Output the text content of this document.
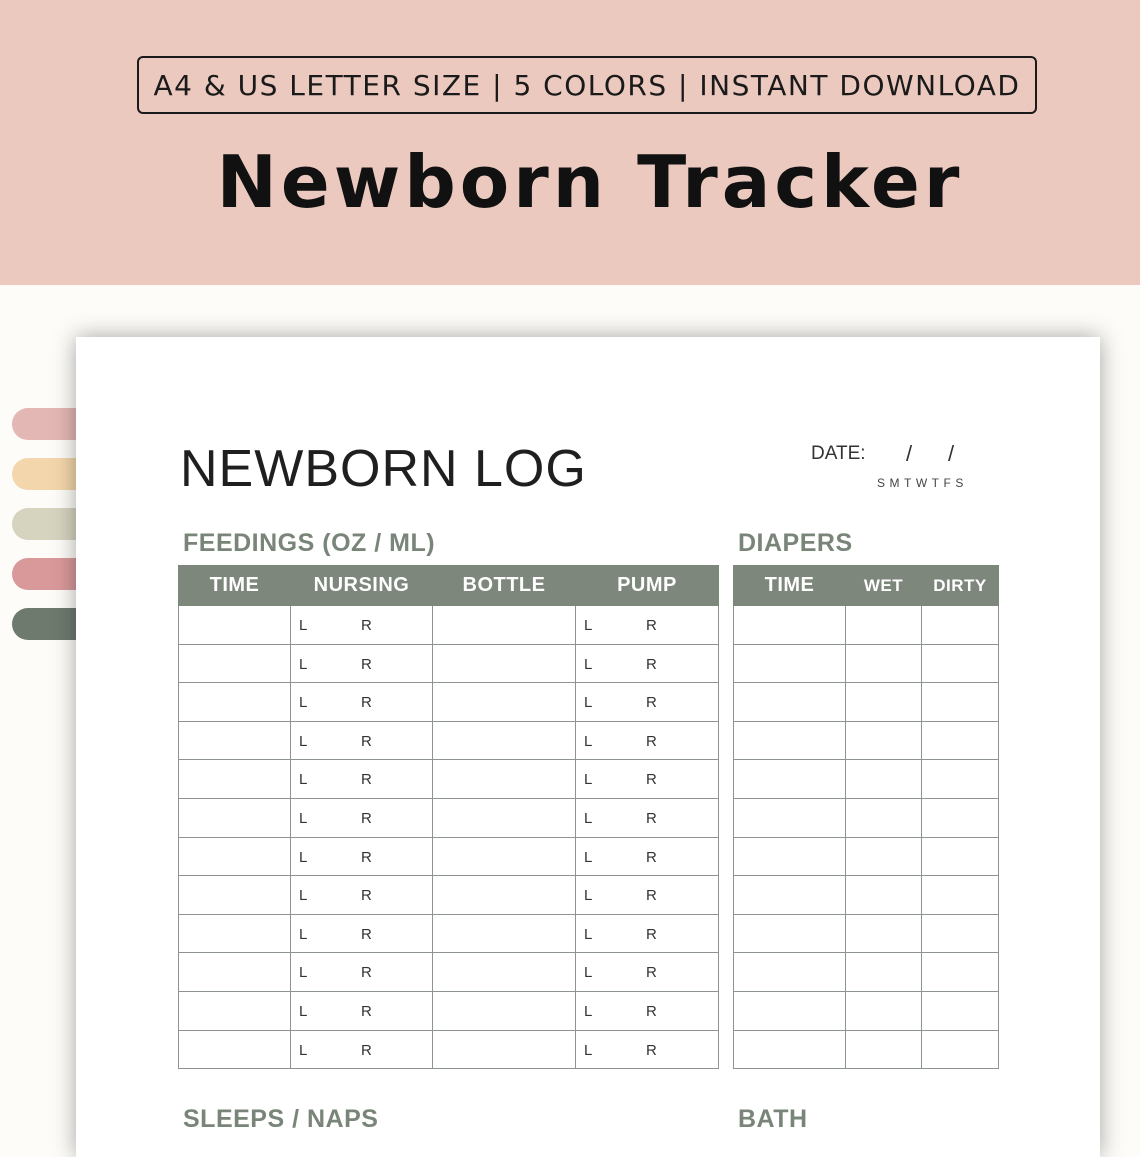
A4 & US LETTER SIZE | 5 COLORS | INSTANT DOWNLOAD
Newborn Tracker
NEWBORN LOG	DATE: / /
SMTWTFS
FEEDINGS (OZ / ML)	DIAPERS
TIME	NURSING	BOTTLE	PUMP

	L R		L R

	L R		L R

	L R		L R

	L R		L R

	L R		L R

	L R		L R

	L R		L R

	L R		L R

	L R		L R

	L R		L R

	L R		L R

	L R		L R
TIME	WET	DIRTY

SLEEPS / NAPS	BATH
